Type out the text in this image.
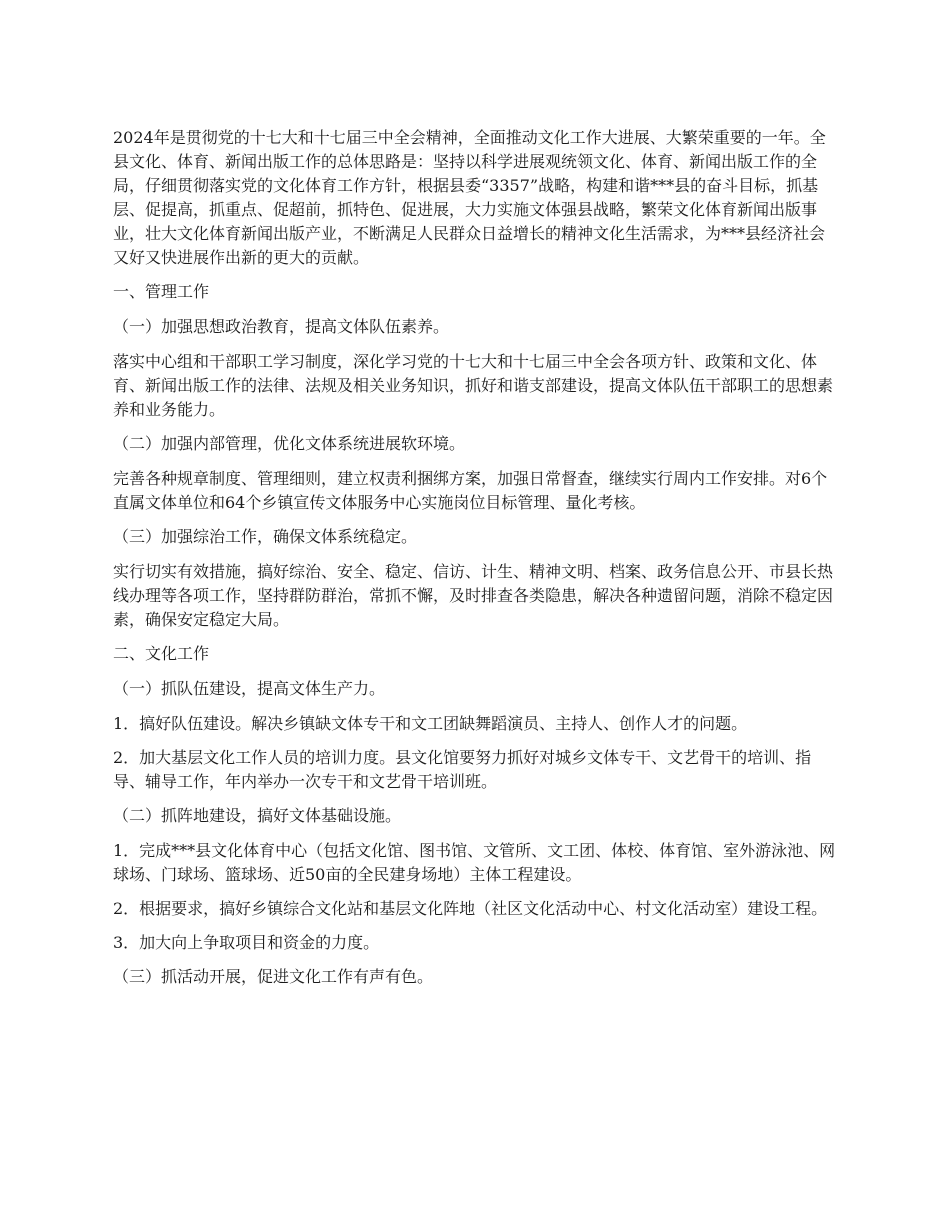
2024年是贯彻党的十七大和十七届三中全会精神，全面推动文化工作大进展、大繁荣重要的一年。全县文化、体育、新闻出版工作的总体思路是：坚持以科学进展观统领文化、体育、新闻出版工作的全局，仔细贯彻落实党的文化体育工作方针，根据县委“3357”战略，构建和谐***县的奋斗目标，抓基层、促提高，抓重点、促超前，抓特色、促进展，大力实施文体强县战略，繁荣文化体育新闻出版事业，壮大文化体育新闻出版产业，不断满足人民群众日益增长的精神文化生活需求，为***县经济社会又好又快进展作出新的更大的贡献。

一、管理工作

（一）加强思想政治教育，提高文体队伍素养。

落实中心组和干部职工学习制度，深化学习党的十七大和十七届三中全会各项方针、政策和文化、体育、新闻出版工作的法律、法规及相关业务知识，抓好和谐支部建设，提高文体队伍干部职工的思想素养和业务能力。

（二）加强内部管理，优化文体系统进展软环境。

完善各种规章制度、管理细则，建立权责利捆绑方案，加强日常督查，继续实行周内工作安排。对6个直属文体单位和64个乡镇宣传文体服务中心实施岗位目标管理、量化考核。

（三）加强综治工作，确保文体系统稳定。

实行切实有效措施，搞好综治、安全、稳定、信访、计生、精神文明、档案、政务信息公开、市县长热线办理等各项工作，坚持群防群治，常抓不懈，及时排查各类隐患，解决各种遗留问题，消除不稳定因素，确保安定稳定大局。

二、文化工作

（一）抓队伍建设，提高文体生产力。

1．搞好队伍建设。解决乡镇缺文体专干和文工团缺舞蹈演员、主持人、创作人才的问题。

2．加大基层文化工作人员的培训力度。县文化馆要努力抓好对城乡文体专干、文艺骨干的培训、指导、辅导工作，年内举办一次专干和文艺骨干培训班。

（二）抓阵地建设，搞好文体基础设施。

1．完成***县文化体育中心（包括文化馆、图书馆、文管所、文工团、体校、体育馆、室外游泳池、网球场、门球场、篮球场、近50亩的全民建身场地）主体工程建设。

2．根据要求，搞好乡镇综合文化站和基层文化阵地（社区文化活动中心、村文化活动室）建设工程。

3．加大向上争取项目和资金的力度。

（三）抓活动开展，促进文化工作有声有色。
